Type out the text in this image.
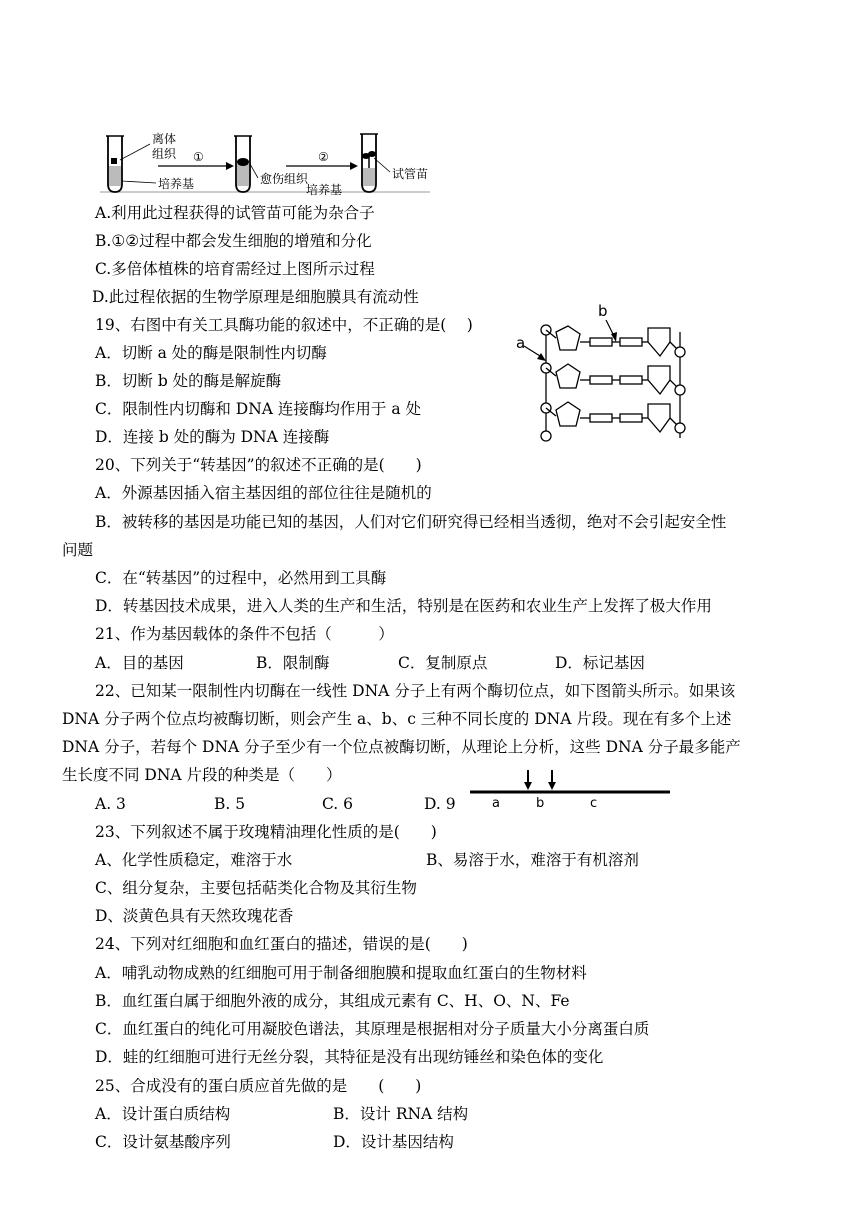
离体
组织 ①
培养基	愈伤组织
②
培养基
试管苗
A.利用此过程获得的试管苗可能为杂合子
B.①②过程中都会发生细胞的增殖和分化
C.多倍体植株的培育需经过上图所示过程
D.此过程依据的生物学原理是细胞膜具有流动性
19、右图中有关工具酶功能的叙述中，不正确的是(　 )
A．切断 a 处的酶是限制性内切酶
B．切断 b 处的酶是解旋酶
C．限制性内切酶和 DNA 连接酶均作用于 a 处
D．连接 b 处的酶为 DNA 连接酶
b
a
20、下列关于“转基因”的叙述不正确的是(　　)
A．外源基因插入宿主基因组的部位往往是随机的
B．被转移的基因是功能已知的基因，人们对它们研究得已经相当透彻，绝对不会引起安全性
问题
C．在“转基因”的过程中，必然用到工具酶
D．转基因技术成果，进入人类的生产和生活，特别是在医药和农业生产上发挥了极大作用
21、作为基因载体的条件不包括（　　　）
A．目的基因	B．限制酶	C．复制原点	D．标记基因
22、已知某一限制性内切酶在一线性 DNA 分子上有两个酶切位点，如下图箭头所示。如果该
DNA 分子两个位点均被酶切断，则会产生 a、b、c 三种不同长度的 DNA 片段。现在有多个上述
DNA 分子，若每个 DNA 分子至少有一个位点被酶切断，从理论上分析，这些 DNA 分子最多能产
生长度不同 DNA 片段的种类是（　　）
A. 3	B. 5	C. 6	D. 9	a	b	c
23、下列叙述不属于玫瑰精油理化性质的是(　　)
A、化学性质稳定，难溶于水	B、易溶于水，难溶于有机溶剂
C、组分复杂，主要包括萜类化合物及其衍生物
D、淡黄色具有天然玫瑰花香
24、下列对红细胞和血红蛋白的描述，错误的是(　　)
A．哺乳动物成熟的红细胞可用于制备细胞膜和提取血红蛋白的生物材料
B．血红蛋白属于细胞外液的成分，其组成元素有 C、H、O、N、Fe
C．血红蛋白的纯化可用凝胶色谱法，其原理是根据相对分子质量大小分离蛋白质
D．蛙的红细胞可进行无丝分裂，其特征是没有出现纺锤丝和染色体的变化
25、合成没有的蛋白质应首先做的是　　(　　)
A．设计蛋白质结构	B．设计 RNA 结构
C．设计氨基酸序列	D．设计基因结构
